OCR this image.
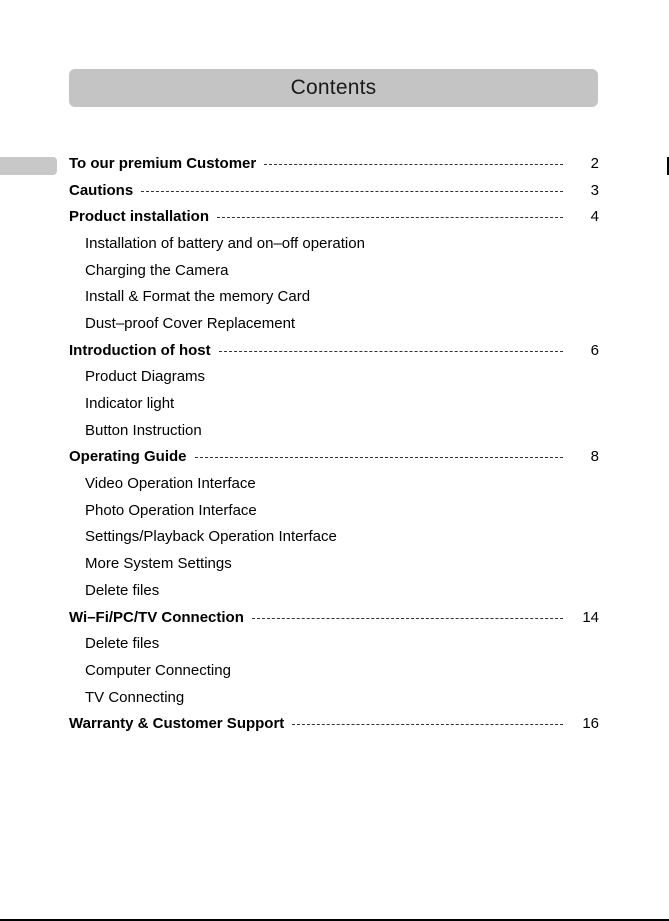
Contents
To our premium Customer	2
Cautions	3
Product installation	4
Installation of battery and on–off operation
Charging the Camera
Install & Format the memory Card
Dust–proof Cover Replacement
Introduction of host	6
Product Diagrams
Indicator light
Button Instruction
Operating Guide	8
Video Operation Interface
Photo Operation Interface
Settings/Playback Operation Interface
More System Settings
Delete files
Wi–Fi/PC/TV Connection	14
Delete files
Computer Connecting
TV Connecting
Warranty & Customer Support	16
